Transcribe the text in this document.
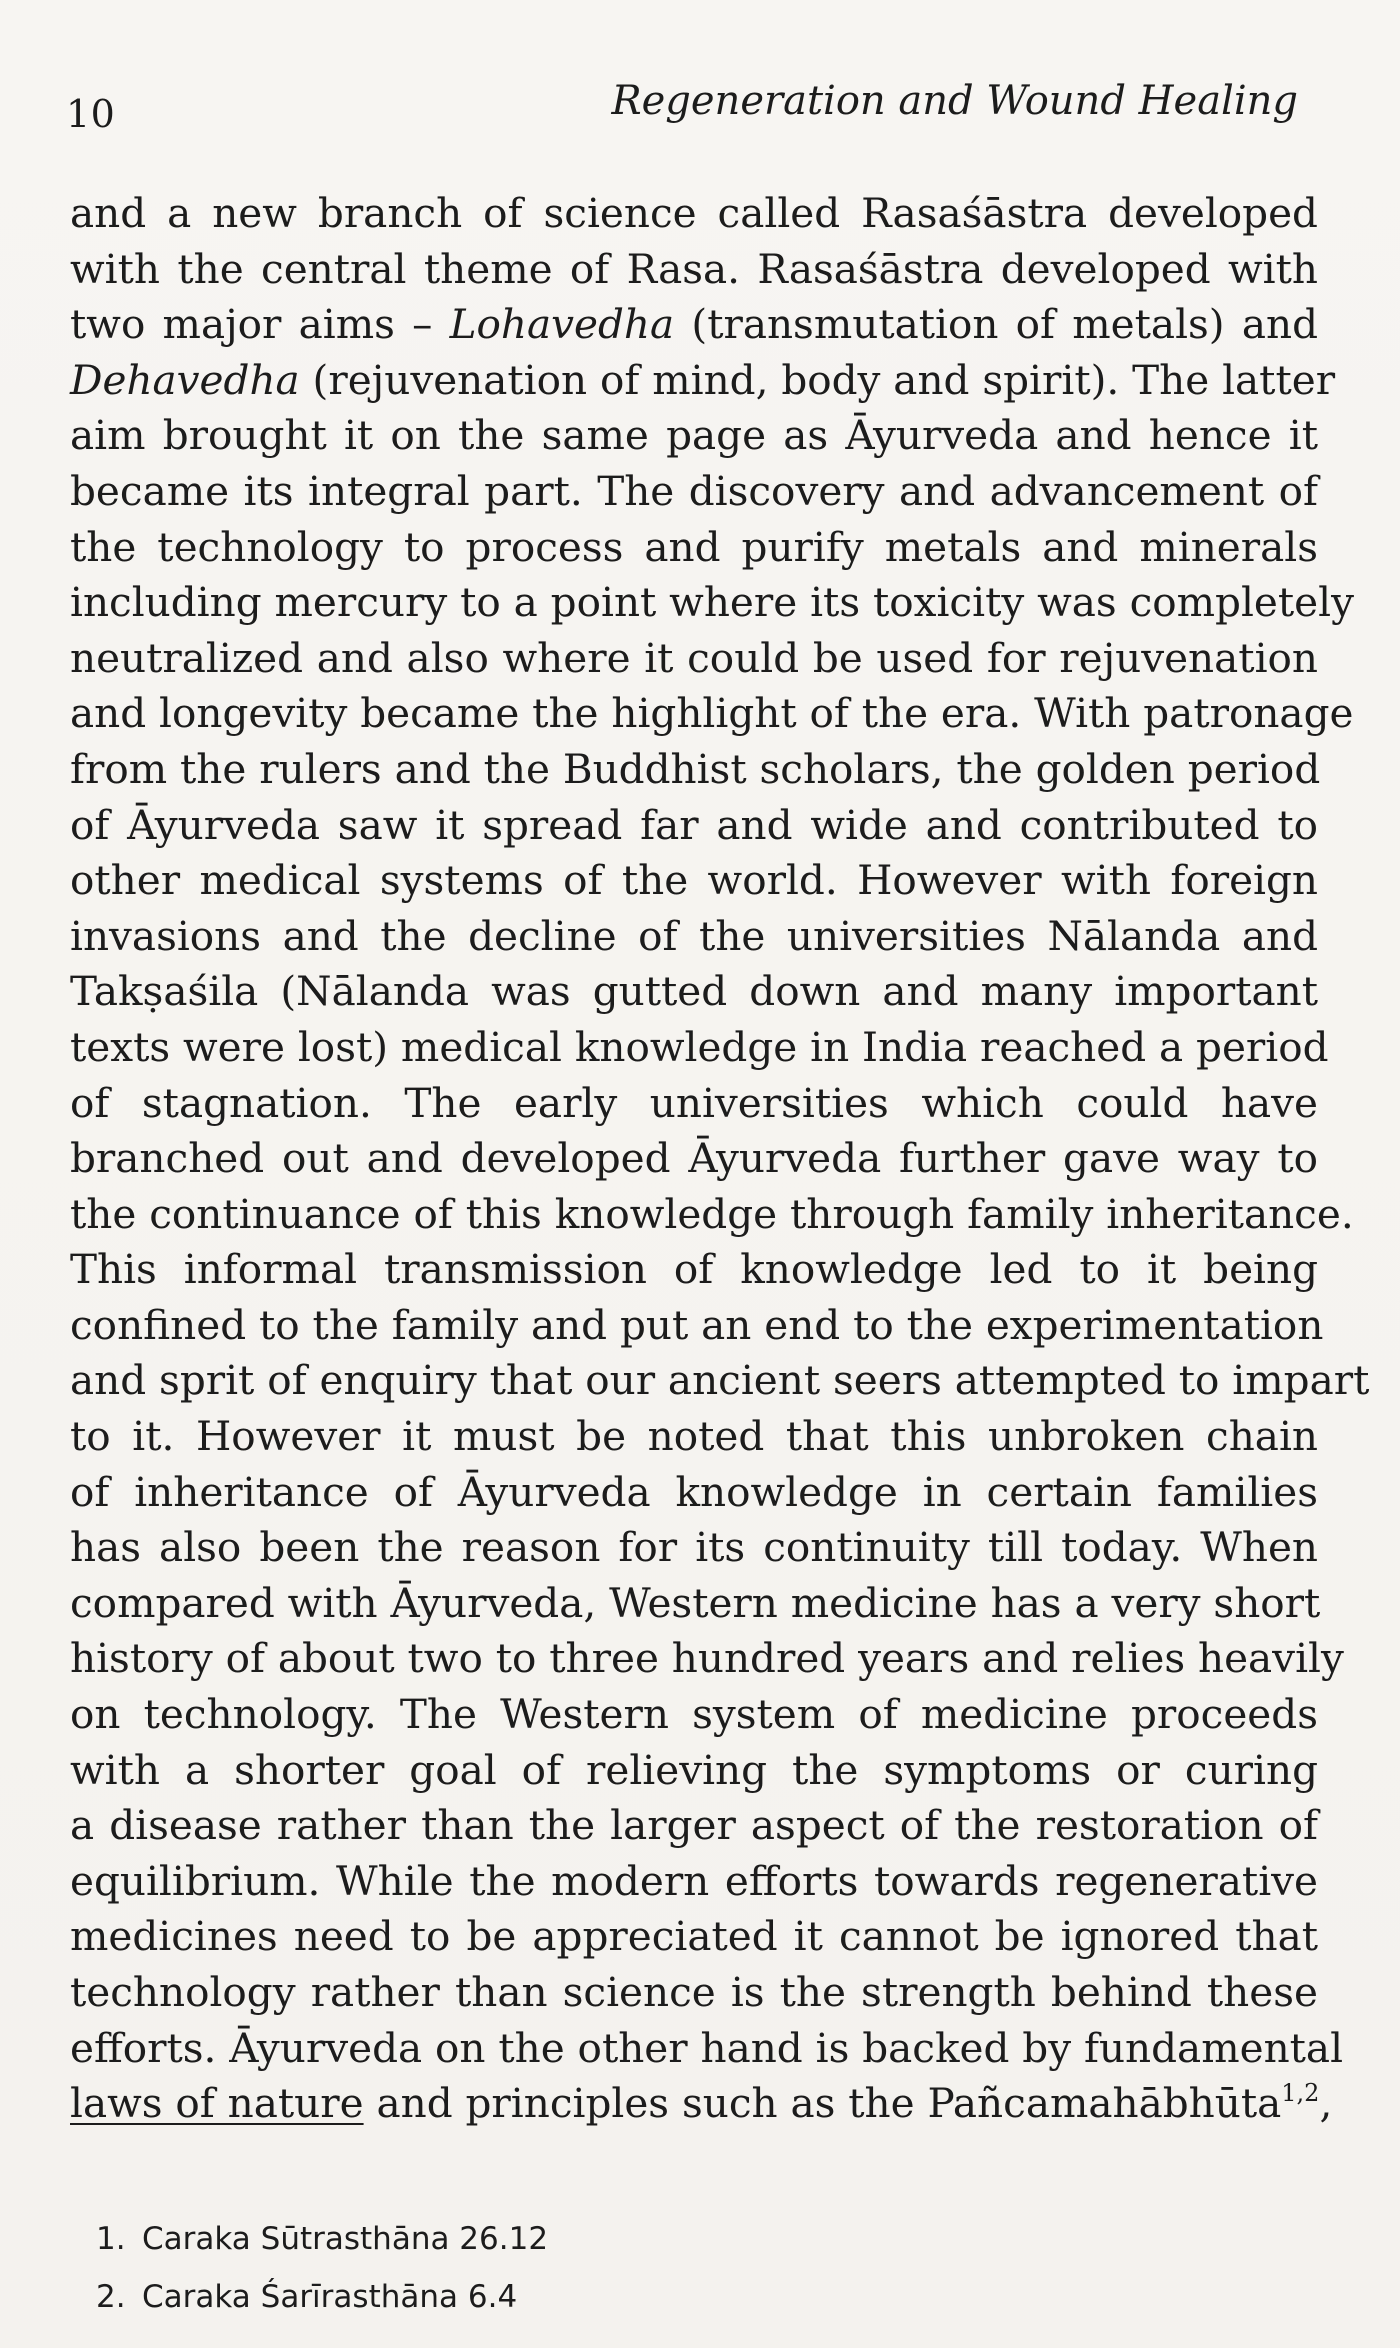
10	Regeneration and Wound Healing
and a new branch of science called Rasaśāstra developed
with the central theme of Rasa. Rasaśāstra developed with
two major aims – Lohavedha (transmutation of metals) and
Dehavedha (rejuvenation of mind, body and spirit). The latter
aim brought it on the same page as Āyurveda and hence it
became its integral part. The discovery and advancement of
the technology to process and purify metals and minerals
including mercury to a point where its toxicity was completely
neutralized and also where it could be used for rejuvenation
and longevity became the highlight of the era. With patronage
from the rulers and the Buddhist scholars, the golden period
of Āyurveda saw it spread far and wide and contributed to
other medical systems of the world. However with foreign
invasions and the decline of the universities Nālanda and
Takṣaśila (Nālanda was gutted down and many important
texts were lost) medical knowledge in India reached a period
of stagnation. The early universities which could have
branched out and developed Āyurveda further gave way to
the continuance of this knowledge through family inheritance.
This informal transmission of knowledge led to it being
confined to the family and put an end to the experimentation
and sprit of enquiry that our ancient seers attempted to impart
to it. However it must be noted that this unbroken chain
of inheritance of Āyurveda knowledge in certain families
has also been the reason for its continuity till today. When
compared with Āyurveda, Western medicine has a very short
history of about two to three hundred years and relies heavily
on technology. The Western system of medicine proceeds
with a shorter goal of relieving the symptoms or curing
a disease rather than the larger aspect of the restoration of
equilibrium. While the modern efforts towards regenerative
medicines need to be appreciated it cannot be ignored that
technology rather than science is the strength behind these
efforts. Āyurveda on the other hand is backed by fundamental
laws of nature and principles such as the Pañcamahābhūta$^{1,2}$,
1. Caraka Sūtrasthāna 26.12
2. Caraka Śarīrasthāna 6.4
